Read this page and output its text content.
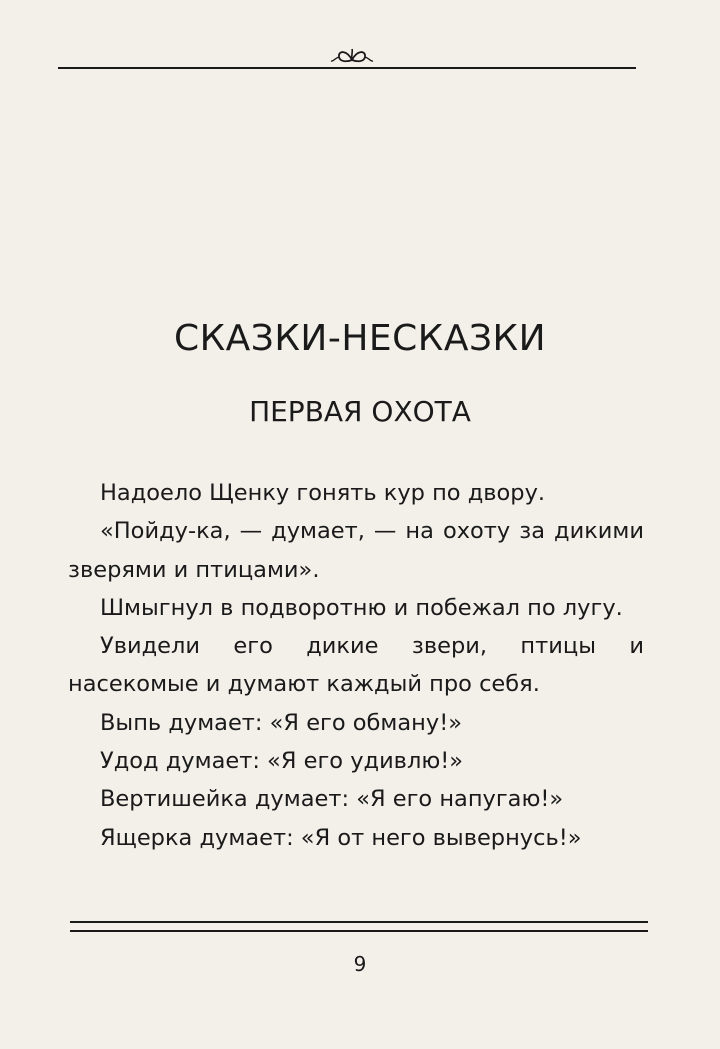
СКАЗКИ-НЕСКАЗКИ
ПЕРВАЯ ОХОТА

Надоело Щенку гонять кур по двору.

«Пойду-ка, — думает, — на охоту за дикими зверями и птицами».

Шмыгнул в подворотню и побежал по лугу.

Увидели его дикие звери, птицы и насекомые и думают каждый про себя.

Выпь думает: «Я его обману!»

Удод думает: «Я его удивлю!»

Вертишейка думает: «Я его напугаю!»

Ящерка думает: «Я от него вывернусь!»

9
